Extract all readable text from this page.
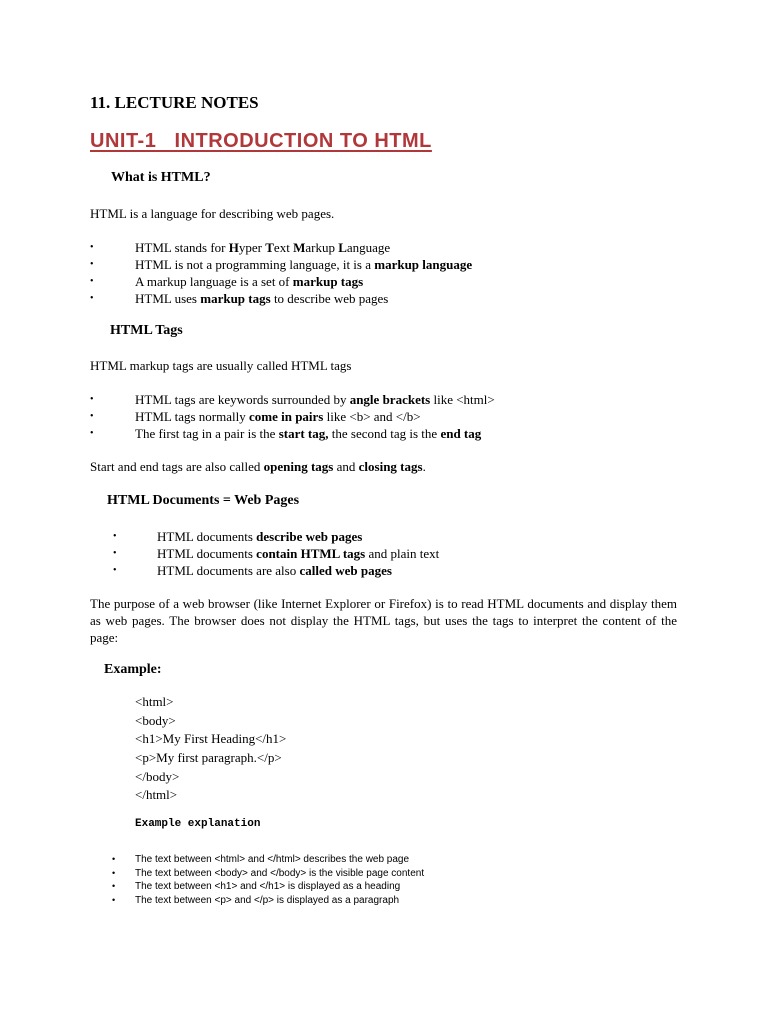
11. LECTURE NOTES
UNIT-1   INTRODUCTION TO HTML
What is HTML?
HTML is a language for describing web pages.
•	HTML stands for Hyper Text Markup Language
•	HTML is not a programming language, it is a markup language
•	A markup language is a set of markup tags
•	HTML uses markup tags to describe web pages
HTML Tags
HTML markup tags are usually called HTML tags
•	HTML tags are keywords surrounded by angle brackets like <html>
•	HTML tags normally come in pairs like <b> and </b>
•	The first tag in a pair is the start tag, the second tag is the end tag
Start and end tags are also called opening tags and closing tags.
HTML Documents = Web Pages
•	HTML documents describe web pages
•	HTML documents contain HTML tags and plain text
•	HTML documents are also called web pages
The purpose of a web browser (like Internet Explorer or Firefox) is to read HTML documents and display them as web pages. The browser does not display the HTML tags, but uses the tags to interpret the content of the page:
Example:
<html>
<body>
<h1>My First Heading</h1>
<p>My first paragraph.</p>
</body>
</html>
Example explanation
• The text between <html> and </html> describes the web page
• The text between <body> and </body> is the visible page content
• The text between <h1> and </h1> is displayed as a heading
• The text between <p> and </p> is displayed as a paragraph
